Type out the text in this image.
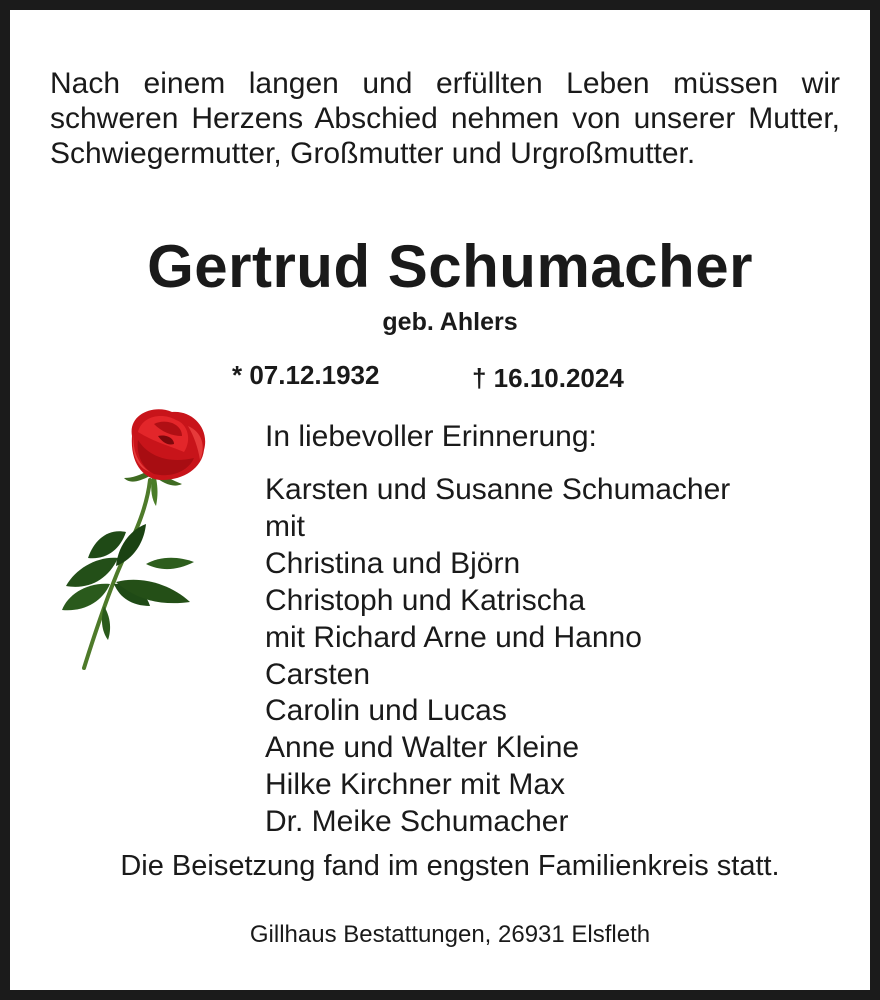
Nach einem langen und erfüllten Leben müssen wir schweren Herzens Abschied nehmen von unserer Mutter, Schwiegermutter, Großmutter und Urgroßmutter.

Gertrud Schumacher
geb. Ahlers
* 07.12.1932	† 16.10.2024
In liebevoller Erinnerung:
Karsten und Susanne Schumacher
mit
Christina und Björn
Christoph und Katrischa
mit Richard Arne und Hanno
Carsten
Carolin und Lucas
Anne und Walter Kleine
Hilke Kirchner mit Max
Dr. Meike Schumacher
Die Beisetzung fand im engsten Familienkreis statt.
Gillhaus Bestattungen, 26931 Elsfleth
